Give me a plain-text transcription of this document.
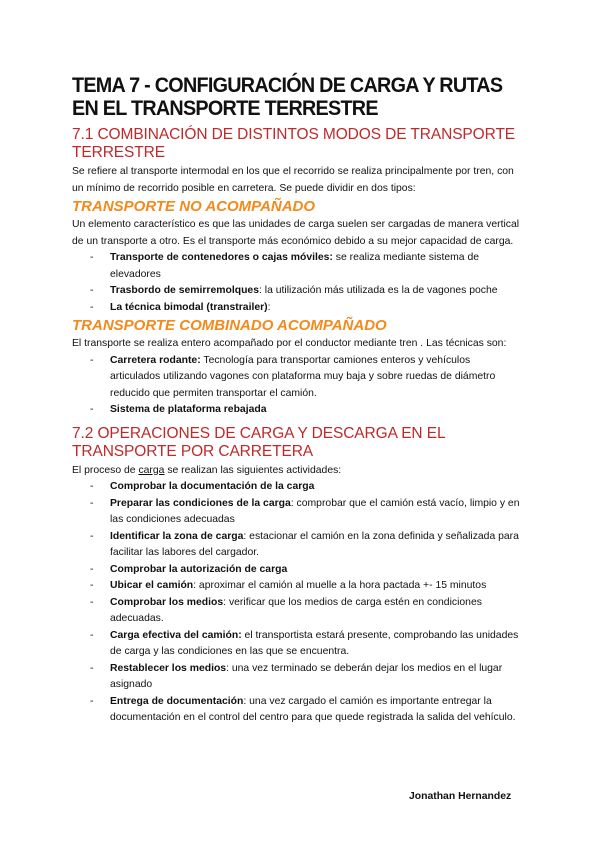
TEMA 7 - CONFIGURACIÓN DE CARGA Y RUTAS EN EL TRANSPORTE TERRESTRE
7.1 COMBINACIÓN DE DISTINTOS MODOS DE TRANSPORTE TERRESTRE

Se refiere al transporte intermodal en los que el recorrido se realiza principalmente por tren, con un mínimo de recorrido posible en carretera. Se puede dividir en dos tipos:

TRANSPORTE NO ACOMPAÑADO

Un elemento característico es que las unidades de carga suelen ser cargadas de manera vertical de un transporte a otro. Es el transporte más económico debido a su mejor capacidad de carga.

- Transporte de contenedores o cajas móviles: se realiza mediante sistema de elevadores
- Trasbordo de semirremolques: la utilización más utilizada es la de vagones poche
- La técnica bimodal (transtrailer):
TRANSPORTE COMBINADO ACOMPAÑADO

El transporte se realiza entero acompañado por el conductor mediante tren . Las técnicas son:

- Carretera rodante: Tecnología para transportar camiones enteros y vehículos articulados utilizando vagones con plataforma muy baja y sobre ruedas de diámetro reducido que permiten transportar el camión.
- Sistema de plataforma rebajada
7.2 OPERACIONES DE CARGA Y DESCARGA EN EL TRANSPORTE POR CARRETERA

El proceso de carga se realizan las siguientes actividades:

- Comprobar la documentación de la carga
- Preparar las condiciones de la carga: comprobar que el camión está vacío, limpio y en las condiciones adecuadas
- Identificar la zona de carga: estacionar el camión en la zona definida y señalizada para facilitar las labores del cargador.
- Comprobar la autorización de carga
- Ubicar el camión: aproximar el camión al muelle a la hora pactada +- 15 minutos
- Comprobar los medios: verificar que los medios de carga estén en condiciones adecuadas.
- Carga efectiva del camión: el transportista estará presente, comprobando las unidades de carga y las condiciones en las que se encuentra.
- Restablecer los medios: una vez terminado se deberán dejar los medios en el lugar asignado
- Entrega de documentación: una vez cargado el camión es importante entregar la documentación en el control del centro para que quede registrada la salida del vehículo.
Jonathan Hernandez
